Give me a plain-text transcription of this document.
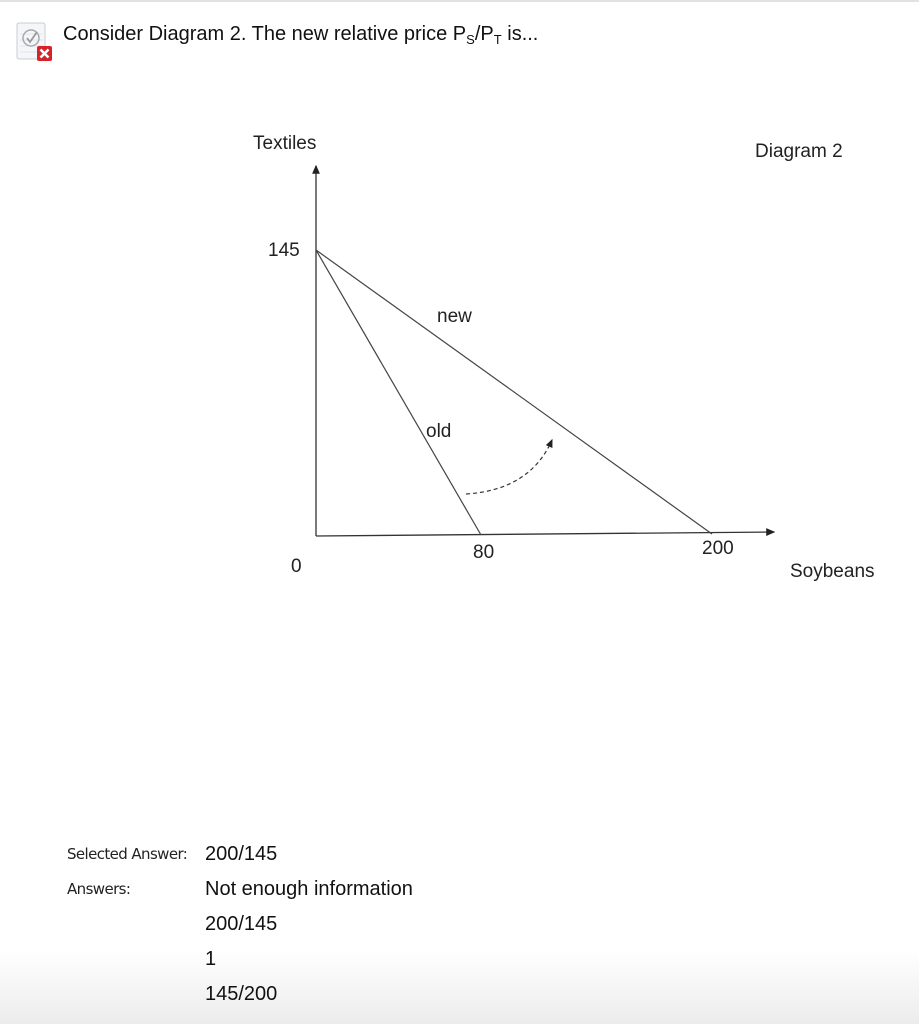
Consider Diagram 2. The new relative price $P_S/P_T$ is...
Textiles	Diagram 2
145
new
old
0
80	200
Soybeans
Selected Answer: 200/145
Answers:	Not enough information
200/145
1
145/200
